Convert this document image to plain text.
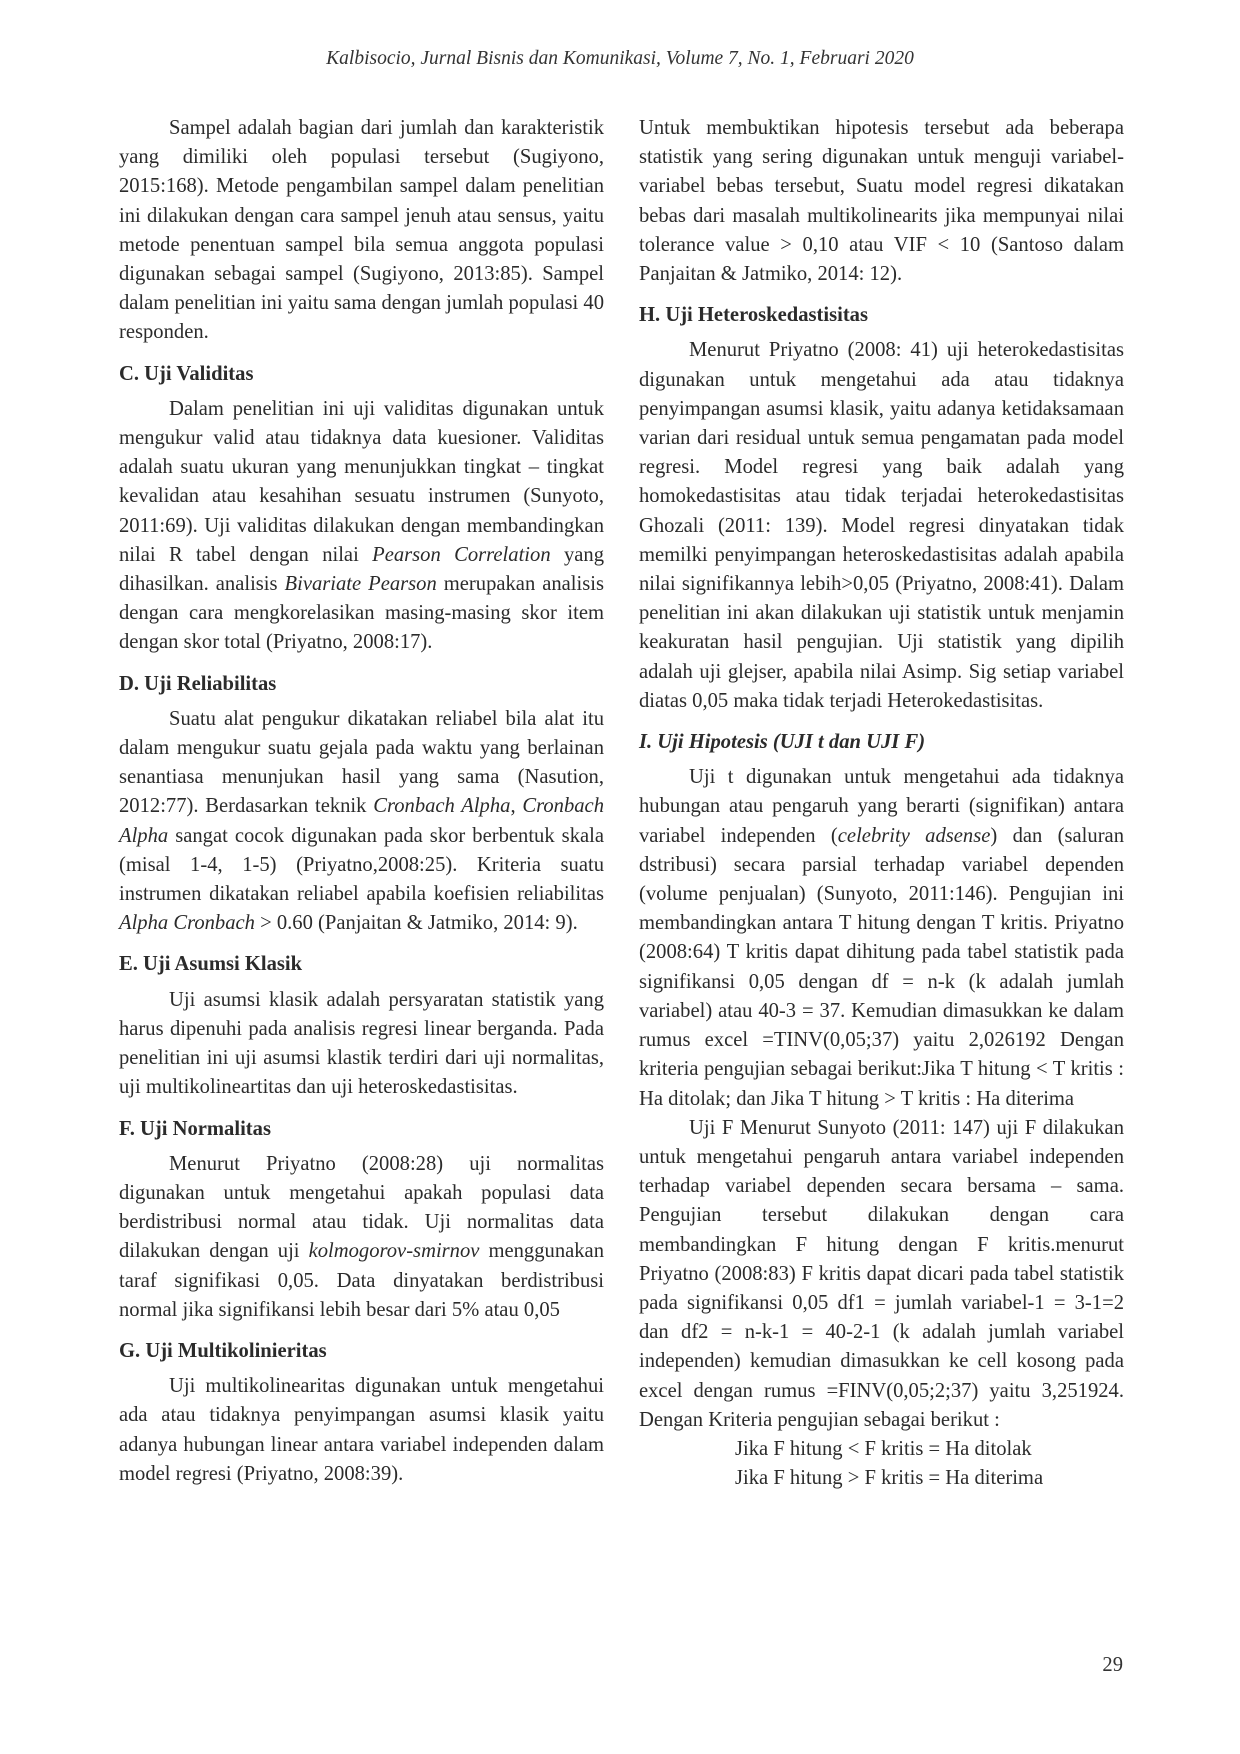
Kalbisocio, Jurnal Bisnis dan Komunikasi, Volume 7, No. 1, Februari 2020

Sampel adalah bagian dari jumlah dan karakteristik yang dimiliki oleh populasi tersebut (Sugiyono, 2015:168). Metode pengambilan sampel dalam penelitian ini dilakukan dengan cara sampel jenuh atau sensus, yaitu metode penentuan sampel bila semua anggota populasi digunakan sebagai sampel (Sugiyono, 2013:85). Sampel dalam penelitian ini yaitu sama dengan jumlah populasi 40 responden.

C. Uji Validitas

Dalam penelitian ini uji validitas digunakan untuk mengukur valid atau tidaknya data kuesioner. Validitas adalah suatu ukuran yang menunjukkan tingkat – tingkat kevalidan atau kesahihan sesuatu instrumen (Sunyoto, 2011:69). Uji validitas dilakukan dengan membandingkan nilai R tabel dengan nilai Pearson Correlation yang dihasilkan. analisis Bivariate Pearson merupakan analisis dengan cara mengkorelasikan masing-masing skor item dengan skor total (Priyatno, 2008:17).

D. Uji Reliabilitas

Suatu alat pengukur dikatakan reliabel bila alat itu dalam mengukur suatu gejala pada waktu yang berlainan senantiasa menunjukan hasil yang sama (Nasution, 2012:77). Berdasarkan teknik Cronbach Alpha, Cronbach Alpha sangat cocok digunakan pada skor berbentuk skala (misal 1-4, 1-5) (Priyatno,2008:25). Kriteria suatu instrumen dikatakan reliabel apabila koefisien reliabilitas Alpha Cronbach > 0.60 (Panjaitan & Jatmiko, 2014: 9).

E. Uji Asumsi Klasik

Uji asumsi klasik adalah persyaratan statistik yang harus dipenuhi pada analisis regresi linear berganda. Pada penelitian ini uji asumsi klastik terdiri dari uji normalitas, uji multikolineartitas dan uji heteroskedastisitas.

F. Uji Normalitas

Menurut Priyatno (2008:28) uji normalitas digunakan untuk mengetahui apakah populasi data berdistribusi normal atau tidak. Uji normalitas data dilakukan dengan uji kolmogorov-smirnov menggunakan taraf signifikasi 0,05. Data dinyatakan berdistribusi normal jika signifikansi lebih besar dari 5% atau 0,05

G. Uji Multikolinieritas

Uji multikolinearitas digunakan untuk mengetahui ada atau tidaknya penyimpangan asumsi klasik yaitu adanya hubungan linear antara variabel independen dalam model regresi (Priyatno, 2008:39).

Untuk membuktikan hipotesis tersebut ada beberapa statistik yang sering digunakan untuk menguji variabel-variabel bebas tersebut, Suatu model regresi dikatakan bebas dari masalah multikolinearits jika mempunyai nilai tolerance value > 0,10 atau VIF < 10 (Santoso dalam Panjaitan & Jatmiko, 2014: 12).

H. Uji Heteroskedastisitas

Menurut Priyatno (2008: 41) uji heterokedastisitas digunakan untuk mengetahui ada atau tidaknya penyimpangan asumsi klasik, yaitu adanya ketidaksamaan varian dari residual untuk semua pengamatan pada model regresi. Model regresi yang baik adalah yang homokedastisitas atau tidak terjadai heterokedastisitas Ghozali (2011: 139). Model regresi dinyatakan tidak memilki penyimpangan heteroskedastisitas adalah apabila nilai signifikannya lebih>0,05 (Priyatno, 2008:41). Dalam penelitian ini akan dilakukan uji statistik untuk menjamin keakuratan hasil pengujian. Uji statistik yang dipilih adalah uji glejser, apabila nilai Asimp. Sig setiap variabel diatas 0,05 maka tidak terjadi Heterokedastisitas.

I. Uji Hipotesis (UJI t dan UJI F)

Uji t digunakan untuk mengetahui ada tidaknya hubungan atau pengaruh yang berarti (signifikan) antara variabel independen (celebrity adsense) dan (saluran dstribusi) secara parsial terhadap variabel dependen (volume penjualan) (Sunyoto, 2011:146). Pengujian ini membandingkan antara T hitung dengan T kritis. Priyatno (2008:64) T kritis dapat dihitung pada tabel statistik pada signifikansi 0,05 dengan df = n-k (k adalah jumlah variabel) atau 40-3 = 37. Kemudian dimasukkan ke dalam rumus excel =TINV(0,05;37) yaitu 2,026192 Dengan kriteria pengujian sebagai berikut:Jika T hitung < T kritis : Ha ditolak; dan Jika T hitung > T kritis : Ha diterima

Uji F Menurut Sunyoto (2011: 147) uji F dilakukan untuk mengetahui pengaruh antara variabel independen terhadap variabel dependen secara bersama – sama. Pengujian tersebut dilakukan dengan cara membandingkan F hitung dengan F kritis.menurut Priyatno (2008:83) F kritis dapat dicari pada tabel statistik pada signifikansi 0,05 df1 = jumlah variabel-1 = 3-1=2 dan df2 = n-k-1 = 40-2-1 (k adalah jumlah variabel independen) kemudian dimasukkan ke cell kosong pada excel dengan rumus =FINV(0,05;2;37) yaitu 3,251924. Dengan Kriteria pengujian sebagai berikut :

Jika F hitung < F kritis = Ha ditolak
Jika F hitung > F kritis = Ha diterima
29
